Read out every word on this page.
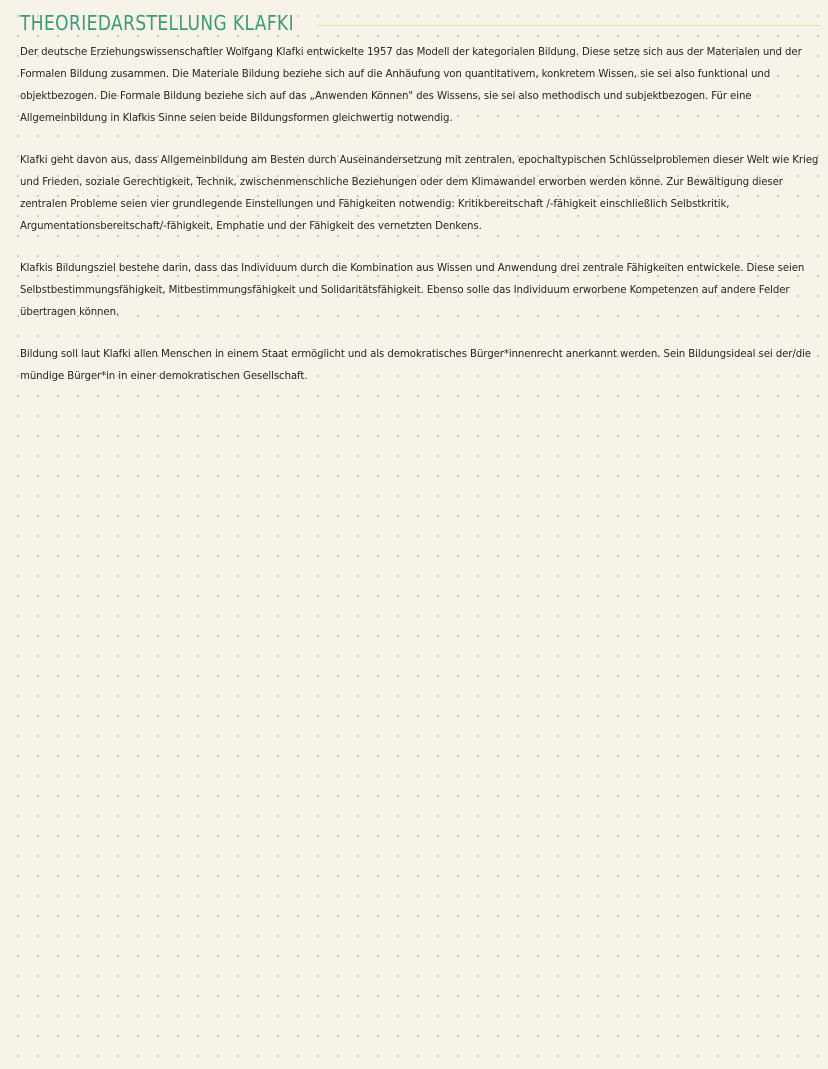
THEORIEDARSTELLUNG KLAFKI

Der deutsche Erziehungswissenschaftler Wolfgang Klafki entwickelte 1957 das Modell der kategorialen Bildung. Diese setze sich aus der Materialen und der Formalen Bildung zusammen. Die Materiale Bildung beziehe sich auf die Anhäufung von quantitativem, konkretem Wissen, sie sei also funktional und objektbezogen. Die Formale Bildung beziehe sich auf das „Anwenden Können" des Wissens, sie sei also methodisch und subjektbezogen. Für eine Allgemeinbildung in Klafkis Sinne seien beide Bildungsformen gleichwertig notwendig.

Klafki geht davon aus, dass Allgemeinbildung am Besten durch Auseinandersetzung mit zentralen, epochaltypischen Schlüsselproblemen dieser Welt wie Krieg und Frieden, soziale Gerechtigkeit, Technik, zwischenmenschliche Beziehungen oder dem Klimawandel erworben werden könne. Zur Bewältigung dieser zentralen Probleme seien vier grundlegende Einstellungen und Fähigkeiten notwendig: Kritikbereitschaft /-fähigkeit einschließlich Selbstkritik, Argumentationsbereitschaft/-fähigkeit, Emphatie und der Fähigkeit des vernetzten Denkens.

Klafkis Bildungsziel bestehe darin, dass das Individuum durch die Kombination aus Wissen und Anwendung drei zentrale Fähigkeiten entwickele. Diese seien Selbstbestimmungsfähigkeit, Mitbestimmungsfähigkeit und Solidaritätsfähigkeit. Ebenso solle das Individuum erworbene Kompetenzen auf andere Felder übertragen können.

Bildung soll laut Klafki allen Menschen in einem Staat ermöglicht und als demokratisches Bürger*innenrecht anerkannt werden. Sein Bildungsideal sei der/die mündige Bürger*in in einer demokratischen Gesellschaft.
